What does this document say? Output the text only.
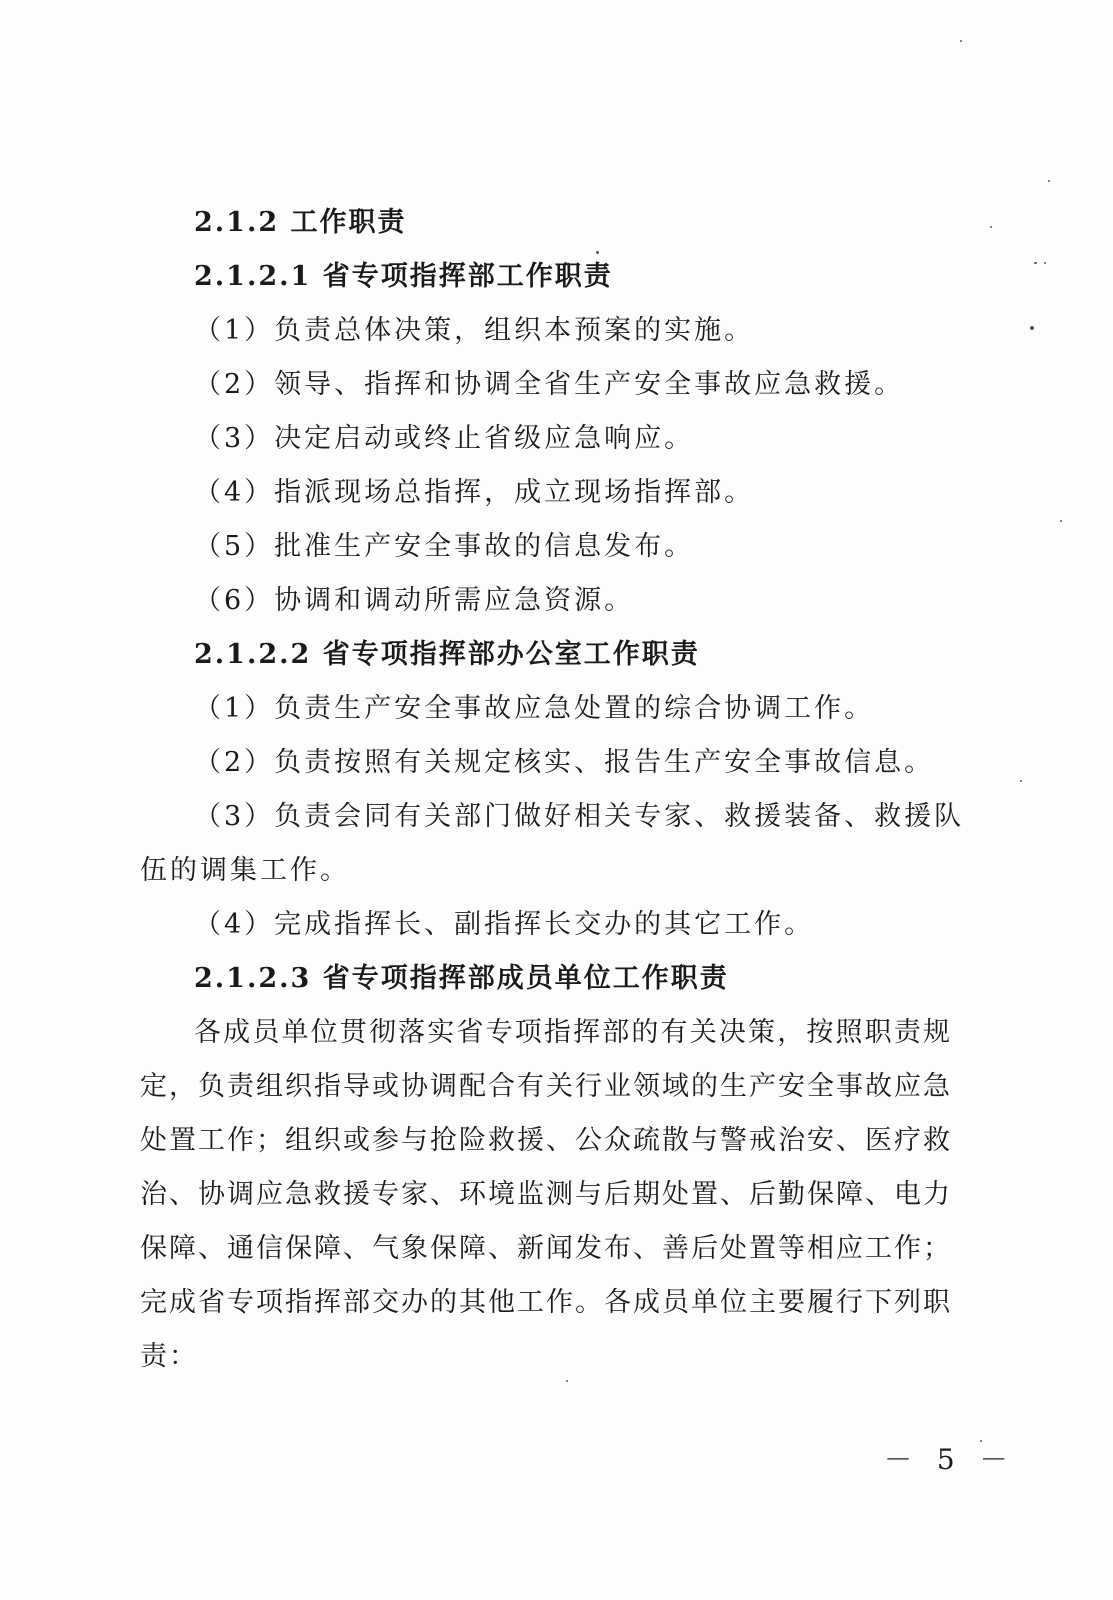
2.1.2 工作职责
2.1.2.1 省专项指挥部工作职责
（1）负责总体决策，组织本预案的实施。
（2）领导、指挥和协调全省生产安全事故应急救援。
（3）决定启动或终止省级应急响应。
（4）指派现场总指挥，成立现场指挥部。
（5）批准生产安全事故的信息发布。
（6）协调和调动所需应急资源。
2.1.2.2 省专项指挥部办公室工作职责
（1）负责生产安全事故应急处置的综合协调工作。
（2）负责按照有关规定核实、报告生产安全事故信息。
（3）负责会同有关部门做好相关专家、救援装备、救援队
伍的调集工作。
（4）完成指挥长、副指挥长交办的其它工作。
2.1.2.3 省专项指挥部成员单位工作职责

各成员单位贯彻落实省专项指挥部的有关决策，按照职责规定，负责组织指导或协调配合有关行业领域的生产安全事故应急处置工作；组织或参与抢险救援、公众疏散与警戒治安、医疗救治、协调应急救援专家、环境监测与后期处置、后勤保障、电力保障、通信保障、气象保障、新闻发布、善后处置等相应工作；完成省专项指挥部交办的其他工作。各成员单位主要履行下列职责：

－ 5 －
